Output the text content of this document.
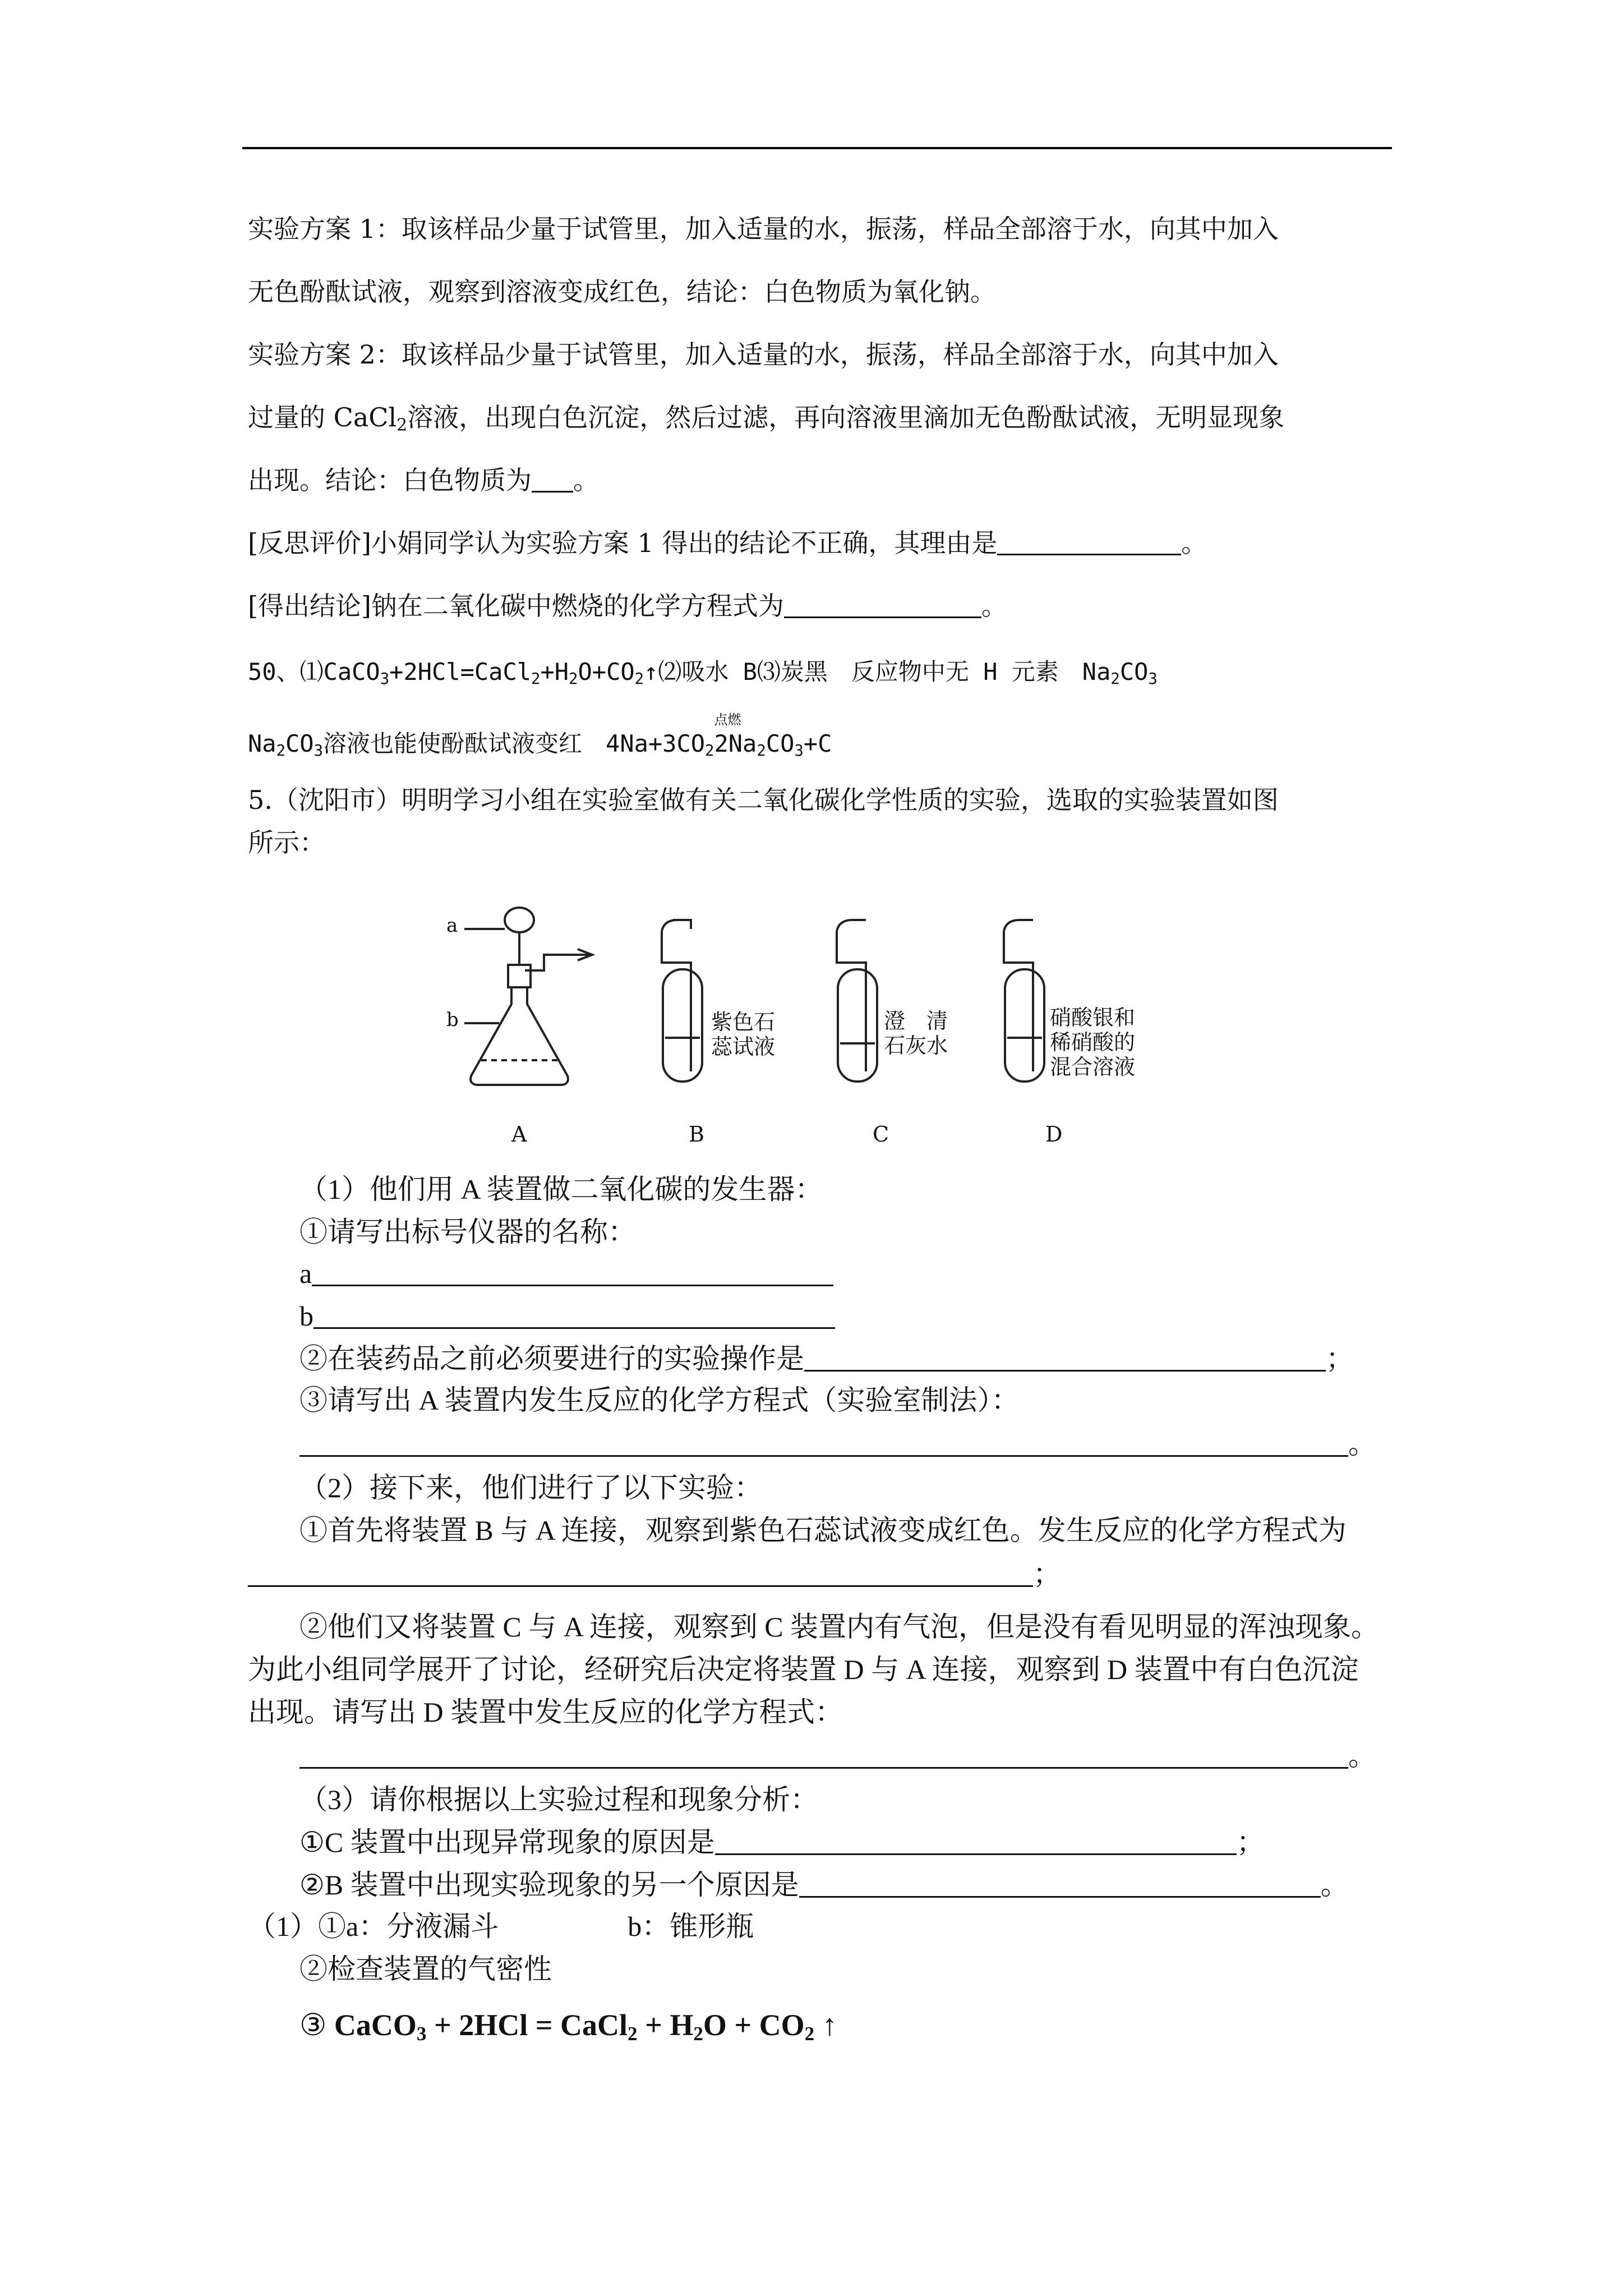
实验方案 1：取该样品少量于试管里，加入适量的水，振荡，样品全部溶于水，向其中加入
无色酚酞试液，观察到溶液变成红色，结论：白色物质为氧化钠。
实验方案 2：取该样品少量于试管里，加入适量的水，振荡，样品全部溶于水，向其中加入
过量的 CaCl$_2$溶液，出现白色沉淀，然后过滤，再向溶液里滴加无色酚酞试液，无明显现象
出现。结论：白色物质为 。
[反思评价]小娟同学认为实验方案 1 得出的结论不正确，其理由是	。
[得出结论]钠在二氧化碳中燃烧的化学方程式为	。
50、$⑴CaCO_3+2HCl=CaCl_2+H_2O+CO_2↑⑵$吸水 B⑶炭黑　反应物中无 H 元素　$Na_2CO_3$
$Na_2CO_3$溶液也能使酚酞试液变红　$4Na+3CO_2$
点燃
$2Na_2CO_3+C$
5.（沈阳市）明明学习小组在实验室做有关二氧化碳化学性质的实验，选取的实验装置如图
所示：
a
b	紫色石
蕊试液
澄　清
石灰水
硝酸银和
稀硝酸的
混合溶液
A	B	C	D
（1）他们用 A 装置做二氧化碳的发生器：
①请写出标号仪器的名称：
a
b
②在装药品之前必须要进行的实验操作是	；
③请写出 A 装置内发生反应的化学方程式（实验室制法）：
。
（2）接下来，他们进行了以下实验：
①首先将装置 B 与 A 连接，观察到紫色石蕊试液变成红色。发生反应的化学方程式为
；
②他们又将装置 C 与 A 连接，观察到 C 装置内有气泡，但是没有看见明显的浑浊现象。
为此小组同学展开了讨论，经研究后决定将装置 D 与 A 连接，观察到 D 装置中有白色沉淀
出现。请写出 D 装置中发生反应的化学方程式：
。
（3）请你根据以上实验过程和现象分析：
①C 装置中出现异常现象的原因是	；
②B 装置中出现实验现象的另一个原因是	。
（1）①a：分液漏斗	b：锥形瓶
②检查装置的气密性
③ CaCO$_3$ + 2HCl = CaCl$_2$ + $H_2O + CO_2$ ↑
